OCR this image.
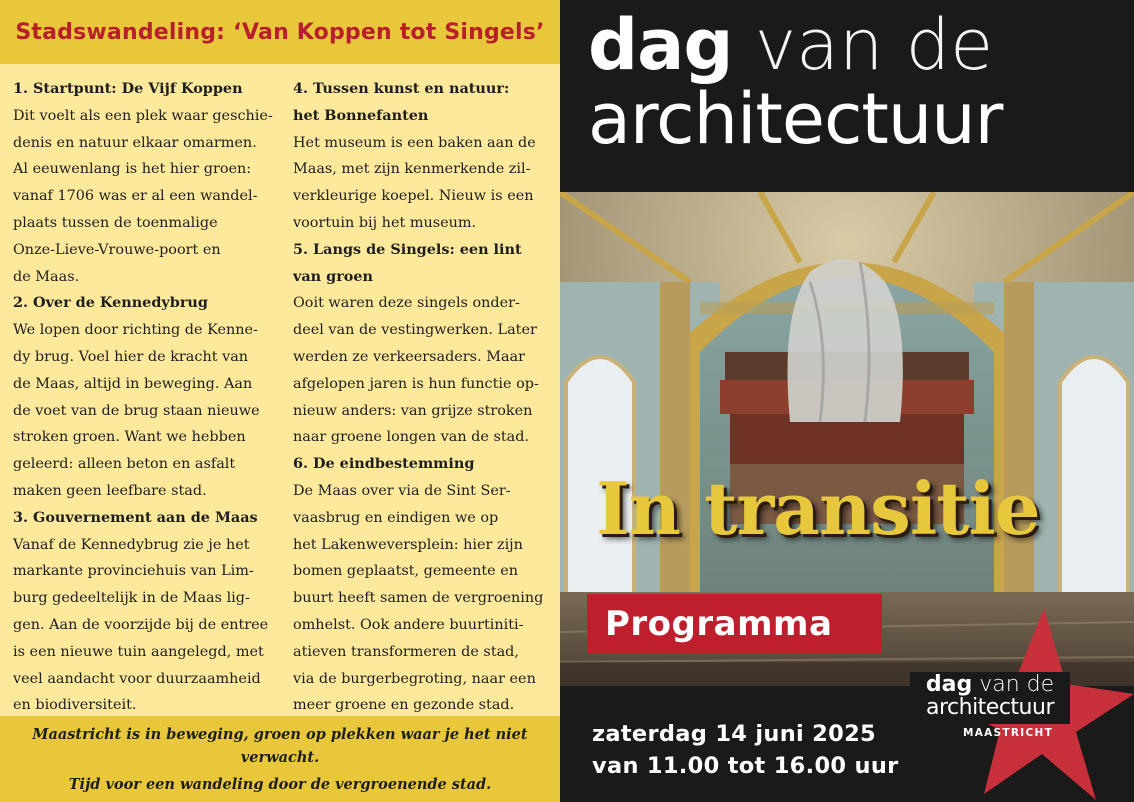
Stadswandeling: ‘Van Koppen tot Singels’
1. Startpunt: De Vijf Koppen
Dit voelt als een plek waar geschie-
denis en natuur elkaar omarmen.
Al eeuwenlang is het hier groen:
vanaf 1706 was er al een wandel-
plaats tussen de toenmalige
Onze-Lieve-Vrouwe-poort en
de Maas.
2. Over de Kennedybrug
We lopen door richting de Kenne-
dy brug. Voel hier de kracht van
de Maas, altijd in beweging. Aan
de voet van de brug staan nieuwe
stroken groen. Want we hebben
geleerd: alleen beton en asfalt
maken geen leefbare stad.
3. Gouvernement aan de Maas
Vanaf de Kennedybrug zie je het
markante provinciehuis van Lim-
burg gedeeltelijk in de Maas lig-
gen. Aan de voorzijde bij de entree
is een nieuwe tuin aangelegd, met
veel aandacht voor duurzaamheid
en biodiversiteit.
4. Tussen kunst en natuur:
het Bonnefanten
Het museum is een baken aan de
Maas, met zijn kenmerkende zil-
verkleurige koepel. Nieuw is een
voortuin bij het museum.
5. Langs de Singels: een lint
van groen
Ooit waren deze singels onder-
deel van de vestingwerken. Later
werden ze verkeersaders. Maar
afgelopen jaren is hun functie op-
nieuw anders: van grijze stroken
naar groene longen van de stad.
6. De eindbestemming
De Maas over via de Sint Ser-
vaasbrug en eindigen we op
het Lakenweversplein: hier zijn
bomen geplaatst, gemeente en
buurt heeft samen de vergroening
omhelst. Ook andere buurtiniti-
atieven transformeren de stad,
via de burgerbegroting, naar een
meer groene en gezonde stad.

Maastricht is in beweging, groen op plekken waar je het niet verwacht.

Tijd voor een wandeling door de vergroenende stad.

dag van de
architectuur
In transitie
Programma
zaterdag 14 juni 2025
van 11.00 tot 16.00 uur
dag van de
architectuur
MAASTRICHT
